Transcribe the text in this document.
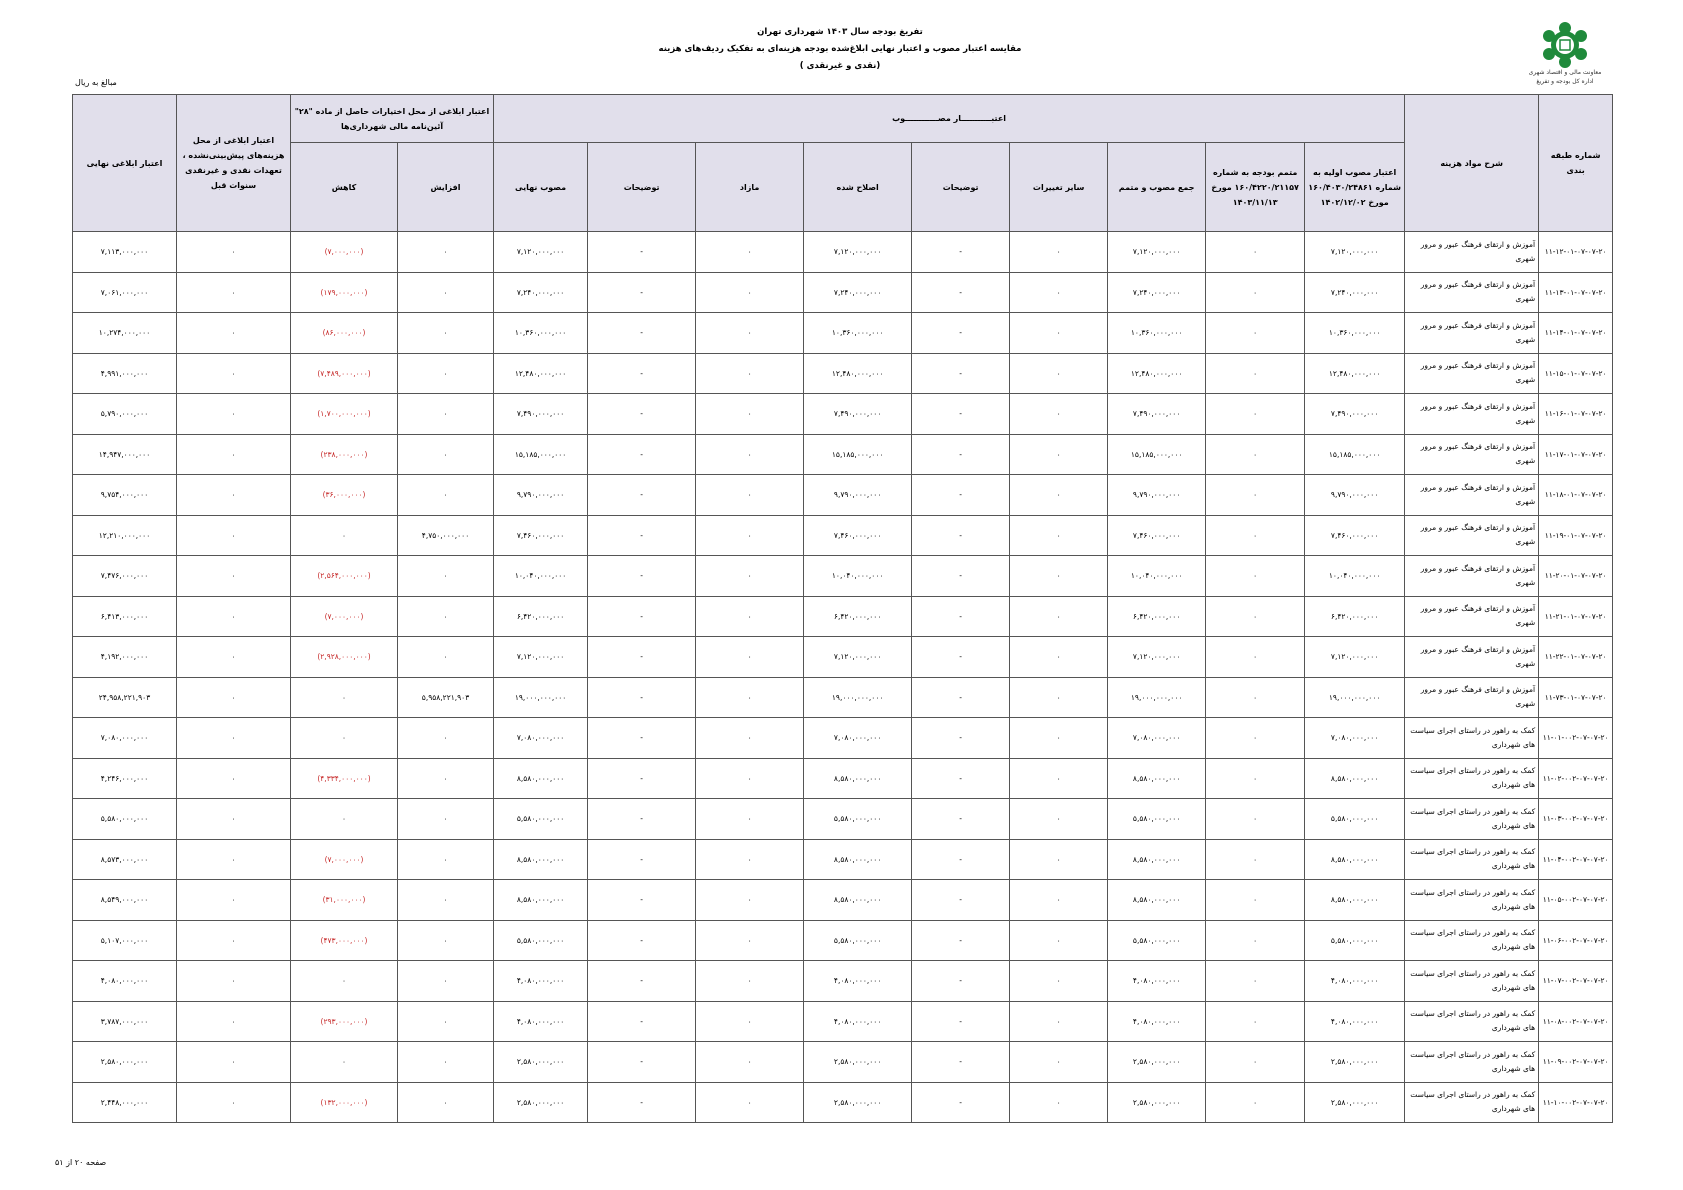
تفریغ بودجه سال ۱۴۰۳ شهرداری تهران
مقایسه اعتبار مصوب و اعتبار نهایی ابلاغ‌شده بودجه هزینه‌ای به تفکیک ردیف‌های هزینه
(نقدی و غیرنقدی )
معاونت مالی و اقتصاد شهری
اداره کل بودجه و تفریغ
مبالغ به ریال
شماره طبقه بندی	شرح مواد هزینه	اعتبـــــــــــار مصــــــــــــوب									اعتبار ابلاغی از محل اختیارات حاصل از ماده "۲۸" آئین‌نامه مالی شهرداری‌ها		اعتبار ابلاغی از محل هزینه‌های پیش‌بینی‌نشده ، تعهدات نقدی و غیرنقدی سنوات قبل	اعتبار ابلاغی نهایی
		اعتبار مصوب اولیه به شماره ۱۶۰/۴۰۳۰/۲۴۸۶۱ مورخ ۱۴۰۲/۱۲/۰۲	متمم بودجه به شماره ۱۶۰/۴۲۲۰/۲۱۱۵۷ مورخ ۱۴۰۳/۱۱/۱۳	جمع مصوب و متمم	سایر تغییرات	توضیحات	اصلاح شده	مازاد	توضیحات	مصوب نهایی	افزایش	کاهش		
۱۱-۱۲-۰۱-۰۷-۰۷-۲۰	آموزش و ارتقای فرهنگ عبور و مرور شهری	۷,۱۲۰,۰۰۰,۰۰۰	۰	۷,۱۲۰,۰۰۰,۰۰۰	۰	-	۷,۱۲۰,۰۰۰,۰۰۰	۰	-	۷,۱۲۰,۰۰۰,۰۰۰	۰	(۷,۰۰۰,۰۰۰)	۰	۷,۱۱۳,۰۰۰,۰۰۰
۱۱-۱۳-۰۱-۰۷-۰۷-۲۰	آموزش و ارتقای فرهنگ عبور و مرور شهری	۷,۲۴۰,۰۰۰,۰۰۰	۰	۷,۲۴۰,۰۰۰,۰۰۰	۰	-	۷,۲۴۰,۰۰۰,۰۰۰	۰	-	۷,۲۴۰,۰۰۰,۰۰۰	۰	(۱۷۹,۰۰۰,۰۰۰)	۰	۷,۰۶۱,۰۰۰,۰۰۰
۱۱-۱۴-۰۱-۰۷-۰۷-۲۰	آموزش و ارتقای فرهنگ عبور و مرور شهری	۱۰,۳۶۰,۰۰۰,۰۰۰	۰	۱۰,۳۶۰,۰۰۰,۰۰۰	۰	-	۱۰,۳۶۰,۰۰۰,۰۰۰	۰	-	۱۰,۳۶۰,۰۰۰,۰۰۰	۰	(۸۶,۰۰۰,۰۰۰)	۰	۱۰,۲۷۴,۰۰۰,۰۰۰
۱۱-۱۵-۰۱-۰۷-۰۷-۲۰	آموزش و ارتقای فرهنگ عبور و مرور شهری	۱۲,۴۸۰,۰۰۰,۰۰۰	۰	۱۲,۴۸۰,۰۰۰,۰۰۰	۰	-	۱۲,۴۸۰,۰۰۰,۰۰۰	۰	-	۱۲,۴۸۰,۰۰۰,۰۰۰	۰	(۷,۴۸۹,۰۰۰,۰۰۰)	۰	۴,۹۹۱,۰۰۰,۰۰۰
۱۱-۱۶-۰۱-۰۷-۰۷-۲۰	آموزش و ارتقای فرهنگ عبور و مرور شهری	۷,۴۹۰,۰۰۰,۰۰۰	۰	۷,۴۹۰,۰۰۰,۰۰۰	۰	-	۷,۴۹۰,۰۰۰,۰۰۰	۰	-	۷,۴۹۰,۰۰۰,۰۰۰	۰	(۱,۷۰۰,۰۰۰,۰۰۰)	۰	۵,۷۹۰,۰۰۰,۰۰۰
۱۱-۱۷-۰۱-۰۷-۰۷-۲۰	آموزش و ارتقای فرهنگ عبور و مرور شهری	۱۵,۱۸۵,۰۰۰,۰۰۰	۰	۱۵,۱۸۵,۰۰۰,۰۰۰	۰	-	۱۵,۱۸۵,۰۰۰,۰۰۰	۰	-	۱۵,۱۸۵,۰۰۰,۰۰۰	۰	(۲۳۸,۰۰۰,۰۰۰)	۰	۱۴,۹۴۷,۰۰۰,۰۰۰
۱۱-۱۸-۰۱-۰۷-۰۷-۲۰	آموزش و ارتقای فرهنگ عبور و مرور شهری	۹,۷۹۰,۰۰۰,۰۰۰	۰	۹,۷۹۰,۰۰۰,۰۰۰	۰	-	۹,۷۹۰,۰۰۰,۰۰۰	۰	-	۹,۷۹۰,۰۰۰,۰۰۰	۰	(۳۶,۰۰۰,۰۰۰)	۰	۹,۷۵۴,۰۰۰,۰۰۰
۱۱-۱۹-۰۱-۰۷-۰۷-۲۰	آموزش و ارتقای فرهنگ عبور و مرور شهری	۷,۴۶۰,۰۰۰,۰۰۰	۰	۷,۴۶۰,۰۰۰,۰۰۰	۰	-	۷,۴۶۰,۰۰۰,۰۰۰	۰	-	۷,۴۶۰,۰۰۰,۰۰۰	۴,۷۵۰,۰۰۰,۰۰۰	۰	۰	۱۲,۲۱۰,۰۰۰,۰۰۰
۱۱-۲۰-۰۱-۰۷-۰۷-۲۰	آموزش و ارتقای فرهنگ عبور و مرور شهری	۱۰,۰۴۰,۰۰۰,۰۰۰	۰	۱۰,۰۴۰,۰۰۰,۰۰۰	۰	-	۱۰,۰۴۰,۰۰۰,۰۰۰	۰	-	۱۰,۰۴۰,۰۰۰,۰۰۰	۰	(۲,۵۶۴,۰۰۰,۰۰۰)	۰	۷,۴۷۶,۰۰۰,۰۰۰
۱۱-۲۱-۰۱-۰۷-۰۷-۲۰	آموزش و ارتقای فرهنگ عبور و مرور شهری	۶,۴۲۰,۰۰۰,۰۰۰	۰	۶,۴۲۰,۰۰۰,۰۰۰	۰	-	۶,۴۲۰,۰۰۰,۰۰۰	۰	-	۶,۴۲۰,۰۰۰,۰۰۰	۰	(۷,۰۰۰,۰۰۰)	۰	۶,۴۱۳,۰۰۰,۰۰۰
۱۱-۲۲-۰۱-۰۷-۰۷-۲۰	آموزش و ارتقای فرهنگ عبور و مرور شهری	۷,۱۲۰,۰۰۰,۰۰۰	۰	۷,۱۲۰,۰۰۰,۰۰۰	۰	-	۷,۱۲۰,۰۰۰,۰۰۰	۰	-	۷,۱۲۰,۰۰۰,۰۰۰	۰	(۲,۹۲۸,۰۰۰,۰۰۰)	۰	۴,۱۹۲,۰۰۰,۰۰۰
۱۱-۷۳-۰۱-۰۷-۰۷-۲۰	آموزش و ارتقای فرهنگ عبور و مرور شهری	۱۹,۰۰۰,۰۰۰,۰۰۰	۰	۱۹,۰۰۰,۰۰۰,۰۰۰	۰	-	۱۹,۰۰۰,۰۰۰,۰۰۰	۰	-	۱۹,۰۰۰,۰۰۰,۰۰۰	۵,۹۵۸,۲۲۱,۹۰۳	۰	۰	۲۴,۹۵۸,۲۲۱,۹۰۳
۱۱-۰۱-۰۰۲-۰۷-۰۷-۲۰	کمک به راهور در راستای اجرای سیاست های شهرداری	۷,۰۸۰,۰۰۰,۰۰۰	۰	۷,۰۸۰,۰۰۰,۰۰۰	۰	-	۷,۰۸۰,۰۰۰,۰۰۰	۰	-	۷,۰۸۰,۰۰۰,۰۰۰	۰	۰	۰	۷,۰۸۰,۰۰۰,۰۰۰
۱۱-۰۲-۰۰۲-۰۷-۰۷-۲۰	کمک به راهور در راستای اجرای سیاست های شهرداری	۸,۵۸۰,۰۰۰,۰۰۰	۰	۸,۵۸۰,۰۰۰,۰۰۰	۰	-	۸,۵۸۰,۰۰۰,۰۰۰	۰	-	۸,۵۸۰,۰۰۰,۰۰۰	۰	(۴,۳۳۴,۰۰۰,۰۰۰)	۰	۴,۲۴۶,۰۰۰,۰۰۰
۱۱-۰۳-۰۰۲-۰۷-۰۷-۲۰	کمک به راهور در راستای اجرای سیاست های شهرداری	۵,۵۸۰,۰۰۰,۰۰۰	۰	۵,۵۸۰,۰۰۰,۰۰۰	۰	-	۵,۵۸۰,۰۰۰,۰۰۰	۰	-	۵,۵۸۰,۰۰۰,۰۰۰	۰	۰	۰	۵,۵۸۰,۰۰۰,۰۰۰
۱۱-۰۴-۰۰۲-۰۷-۰۷-۲۰	کمک به راهور در راستای اجرای سیاست های شهرداری	۸,۵۸۰,۰۰۰,۰۰۰	۰	۸,۵۸۰,۰۰۰,۰۰۰	۰	-	۸,۵۸۰,۰۰۰,۰۰۰	۰	-	۸,۵۸۰,۰۰۰,۰۰۰	۰	(۷,۰۰۰,۰۰۰)	۰	۸,۵۷۳,۰۰۰,۰۰۰
۱۱-۰۵-۰۰۲-۰۷-۰۷-۲۰	کمک به راهور در راستای اجرای سیاست های شهرداری	۸,۵۸۰,۰۰۰,۰۰۰	۰	۸,۵۸۰,۰۰۰,۰۰۰	۰	-	۸,۵۸۰,۰۰۰,۰۰۰	۰	-	۸,۵۸۰,۰۰۰,۰۰۰	۰	(۳۱,۰۰۰,۰۰۰)	۰	۸,۵۴۹,۰۰۰,۰۰۰
۱۱-۰۶-۰۰۲-۰۷-۰۷-۲۰	کمک به راهور در راستای اجرای سیاست های شهرداری	۵,۵۸۰,۰۰۰,۰۰۰	۰	۵,۵۸۰,۰۰۰,۰۰۰	۰	-	۵,۵۸۰,۰۰۰,۰۰۰	۰	-	۵,۵۸۰,۰۰۰,۰۰۰	۰	(۴۷۳,۰۰۰,۰۰۰)	۰	۵,۱۰۷,۰۰۰,۰۰۰
۱۱-۰۷-۰۰۲-۰۷-۰۷-۲۰	کمک به راهور در راستای اجرای سیاست های شهرداری	۴,۰۸۰,۰۰۰,۰۰۰	۰	۴,۰۸۰,۰۰۰,۰۰۰	۰	-	۴,۰۸۰,۰۰۰,۰۰۰	۰	-	۴,۰۸۰,۰۰۰,۰۰۰	۰	۰	۰	۴,۰۸۰,۰۰۰,۰۰۰
۱۱-۰۸-۰۰۲-۰۷-۰۷-۲۰	کمک به راهور در راستای اجرای سیاست های شهرداری	۴,۰۸۰,۰۰۰,۰۰۰	۰	۴,۰۸۰,۰۰۰,۰۰۰	۰	-	۴,۰۸۰,۰۰۰,۰۰۰	۰	-	۴,۰۸۰,۰۰۰,۰۰۰	۰	(۲۹۳,۰۰۰,۰۰۰)	۰	۳,۷۸۷,۰۰۰,۰۰۰
۱۱-۰۹-۰۰۲-۰۷-۰۷-۲۰	کمک به راهور در راستای اجرای سیاست های شهرداری	۲,۵۸۰,۰۰۰,۰۰۰	۰	۲,۵۸۰,۰۰۰,۰۰۰	۰	-	۲,۵۸۰,۰۰۰,۰۰۰	۰	-	۲,۵۸۰,۰۰۰,۰۰۰	۰	۰	۰	۲,۵۸۰,۰۰۰,۰۰۰
۱۱-۱۰-۰۰۲-۰۷-۰۷-۲۰	کمک به راهور در راستای اجرای سیاست های شهرداری	۲,۵۸۰,۰۰۰,۰۰۰	۰	۲,۵۸۰,۰۰۰,۰۰۰	۰	-	۲,۵۸۰,۰۰۰,۰۰۰	۰	-	۲,۵۸۰,۰۰۰,۰۰۰	۰	(۱۳۲,۰۰۰,۰۰۰)	۰	۲,۴۴۸,۰۰۰,۰۰۰
صفحه ۲۰ از ۵۱
